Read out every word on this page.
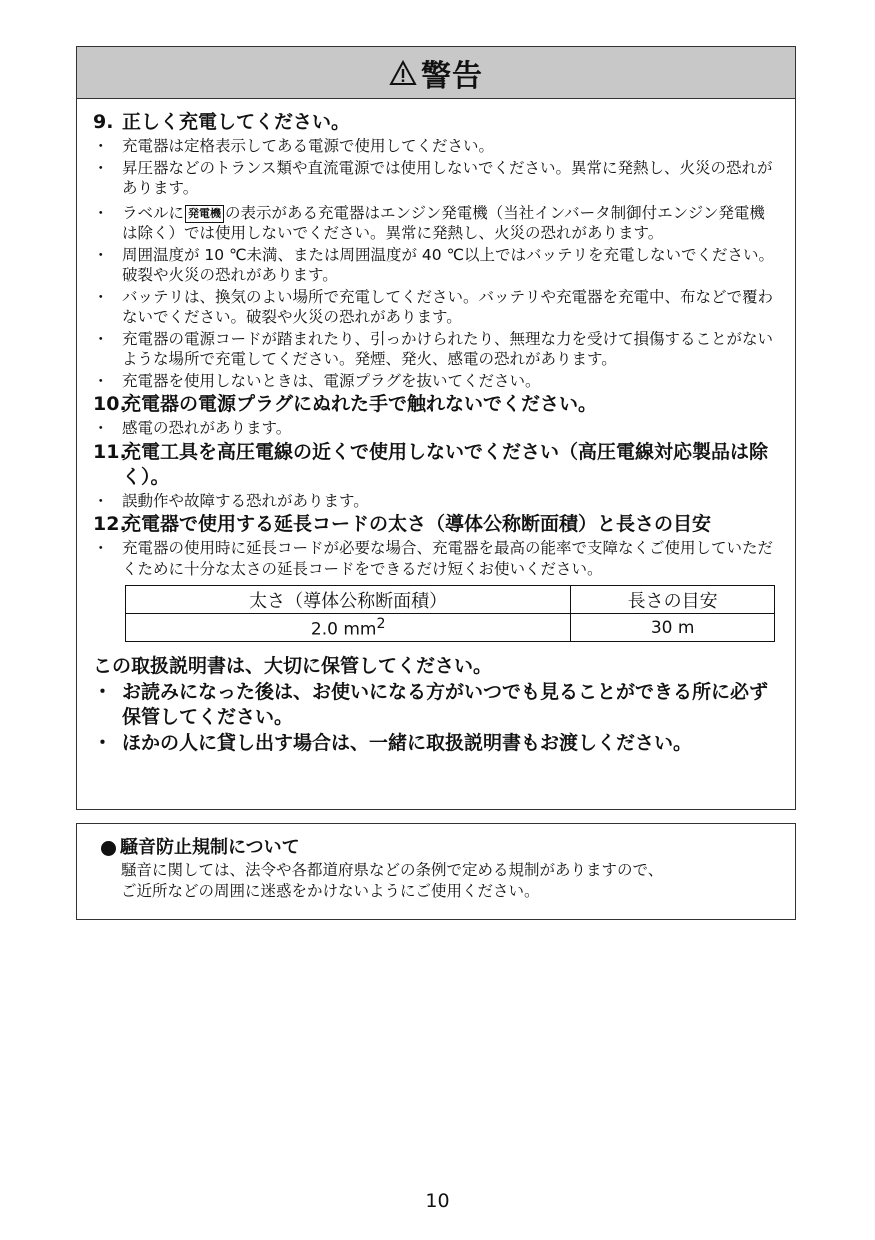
警告
9. 正しく充電してください。
・ 充電器は定格表示してある電源で使用してください。
・ 昇圧器などのトランス類や直流電源では使用しないでください。異常に発熱し、火災の恐れがあります。
・ ラベルに 発電機 の表示がある充電器はエンジン発電機（当社インバータ制御付エンジン発電機は除く）では使用しないでください。異常に発熱し、火災の恐れがあります。
・ 周囲温度が 10 ℃未満、または周囲温度が 40 ℃以上ではバッテリを充電しないでください。破裂や火災の恐れがあります。
・ バッテリは、換気のよい場所で充電してください。バッテリや充電器を充電中、布などで覆わないでください。破裂や火災の恐れがあります。
・ 充電器の電源コードが踏まれたり、引っかけられたり、無理な力を受けて損傷することがないような場所で充電してください。発煙、発火、感電の恐れがあります。
・ 充電器を使用しないときは、電源プラグを抜いてください。
10.
充電器の電源プラグにぬれた手で触れないでください。
・ 感電の恐れがあります。
11.
充電工具を高圧電線の近くで使用しないでください（高圧電線対応製品は除く）。
・ 誤動作や故障する恐れがあります。
12.
充電器で使用する延長コードの太さ（導体公称断面積）と長さの目安
・ 充電器の使用時に延長コードが必要な場合、充電器を最高の能率で支障なくご使用していただくために十分な太さの延長コードをできるだけ短くお使いください。
太さ（導体公称断面積）	長さの目安
2.0 $mm^2$	30 m
この取扱説明書は、大切に保管してください。
・ お読みになった後は、お使いになる方がいつでも見ることができる所に必ず保管してください。
・ ほかの人に貸し出す場合は、一緒に取扱説明書もお渡しください。
騒音防止規制について
騒音に関しては、法令や各都道府県などの条例で定める規制がありますので、
ご近所などの周囲に迷惑をかけないようにご使用ください。
10
